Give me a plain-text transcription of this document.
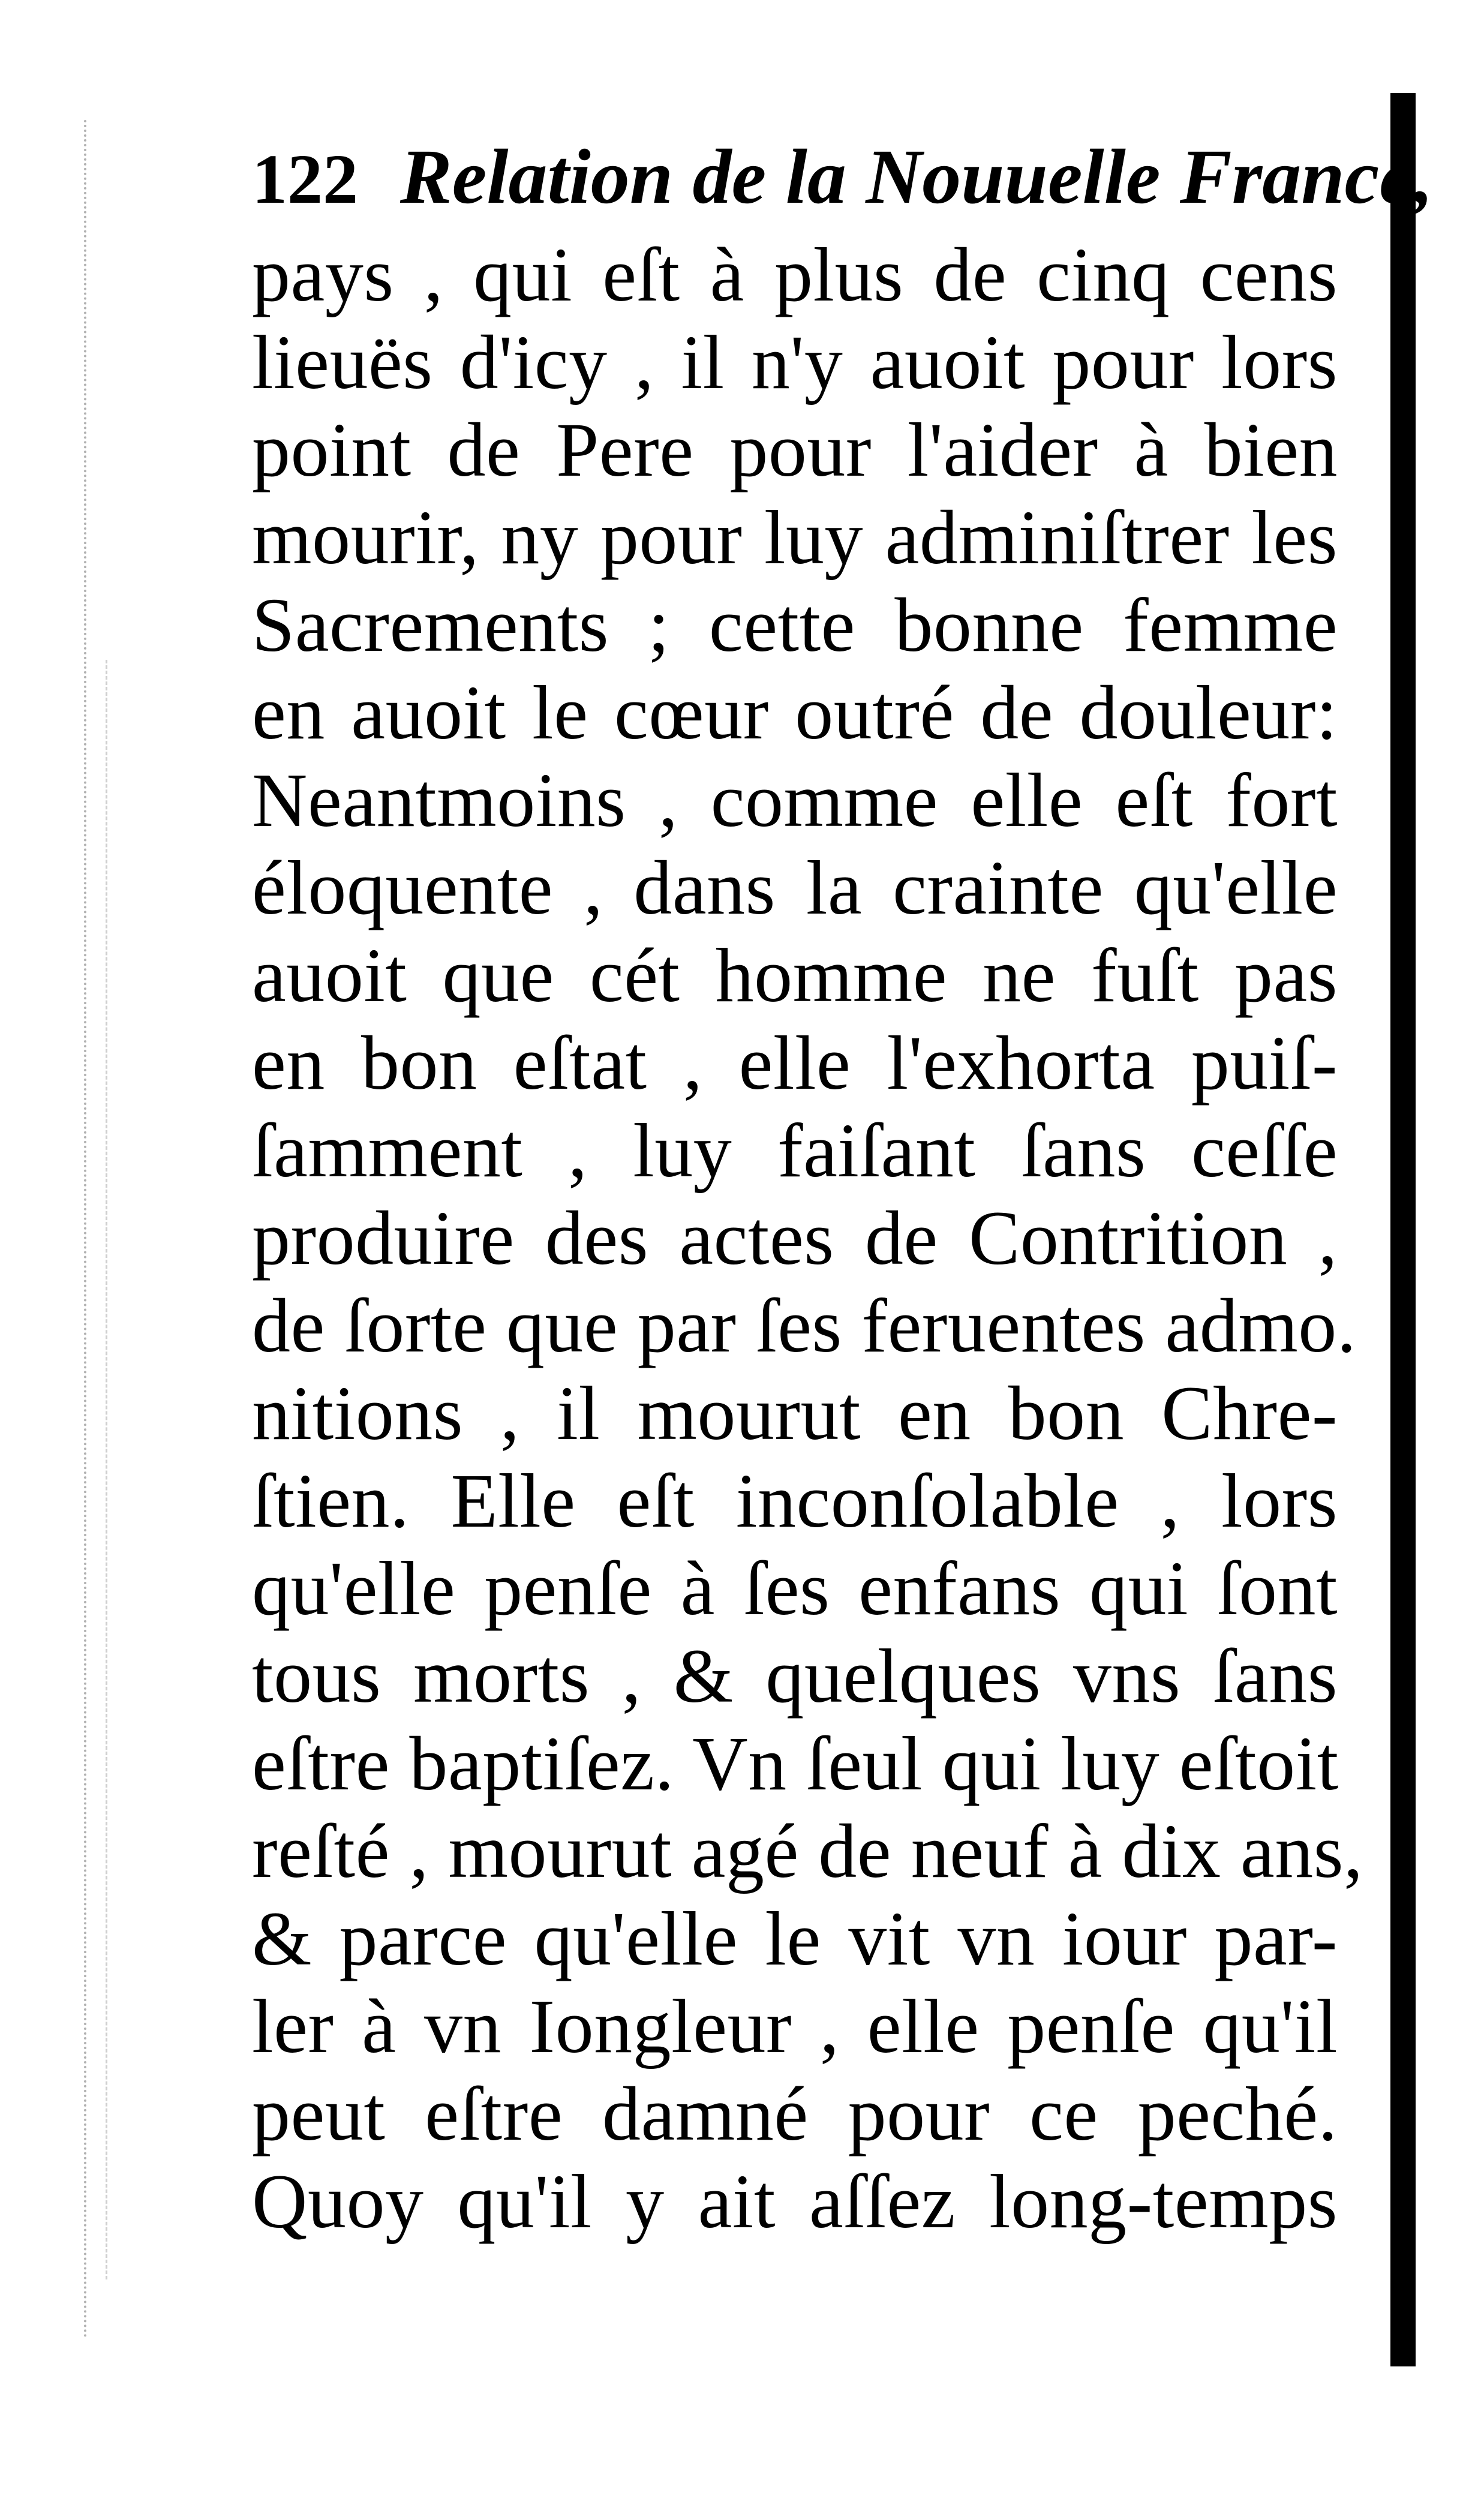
122 Relation de la Nouuelle France,
pays , qui eſt à plus de cinq cens
lieuës d'icy , il n'y auoit pour lors
point de Pere pour l'aider à bien
mourir, ny pour luy adminiſtrer les
Sacrements ; cette bonne femme
en auoit le cœur outré de douleur:
Neantmoins , comme elle eſt fort
éloquente , dans la crainte qu'elle
auoit que cét homme ne fuſt pas
en bon eſtat , elle l'exhorta puiſ-
ſamment , luy faiſant ſans ceſſe
produire des actes de Contrition ,
de ſorte que par ſes feruentes admo.
nitions , il mourut en bon Chre-
ſtien. Elle eſt inconſolable , lors
qu'elle penſe à ſes enfans qui ſont
tous morts , & quelques vns ſans
eſtre baptiſez. Vn ſeul qui luy eſtoit
reſté , mourut agé de neuf à dix ans,
& parce qu'elle le vit vn iour par-
ler à vn Iongleur , elle penſe qu'il
peut eſtre damné pour ce peché.
Quoy qu'il y ait aſſez long-temps
